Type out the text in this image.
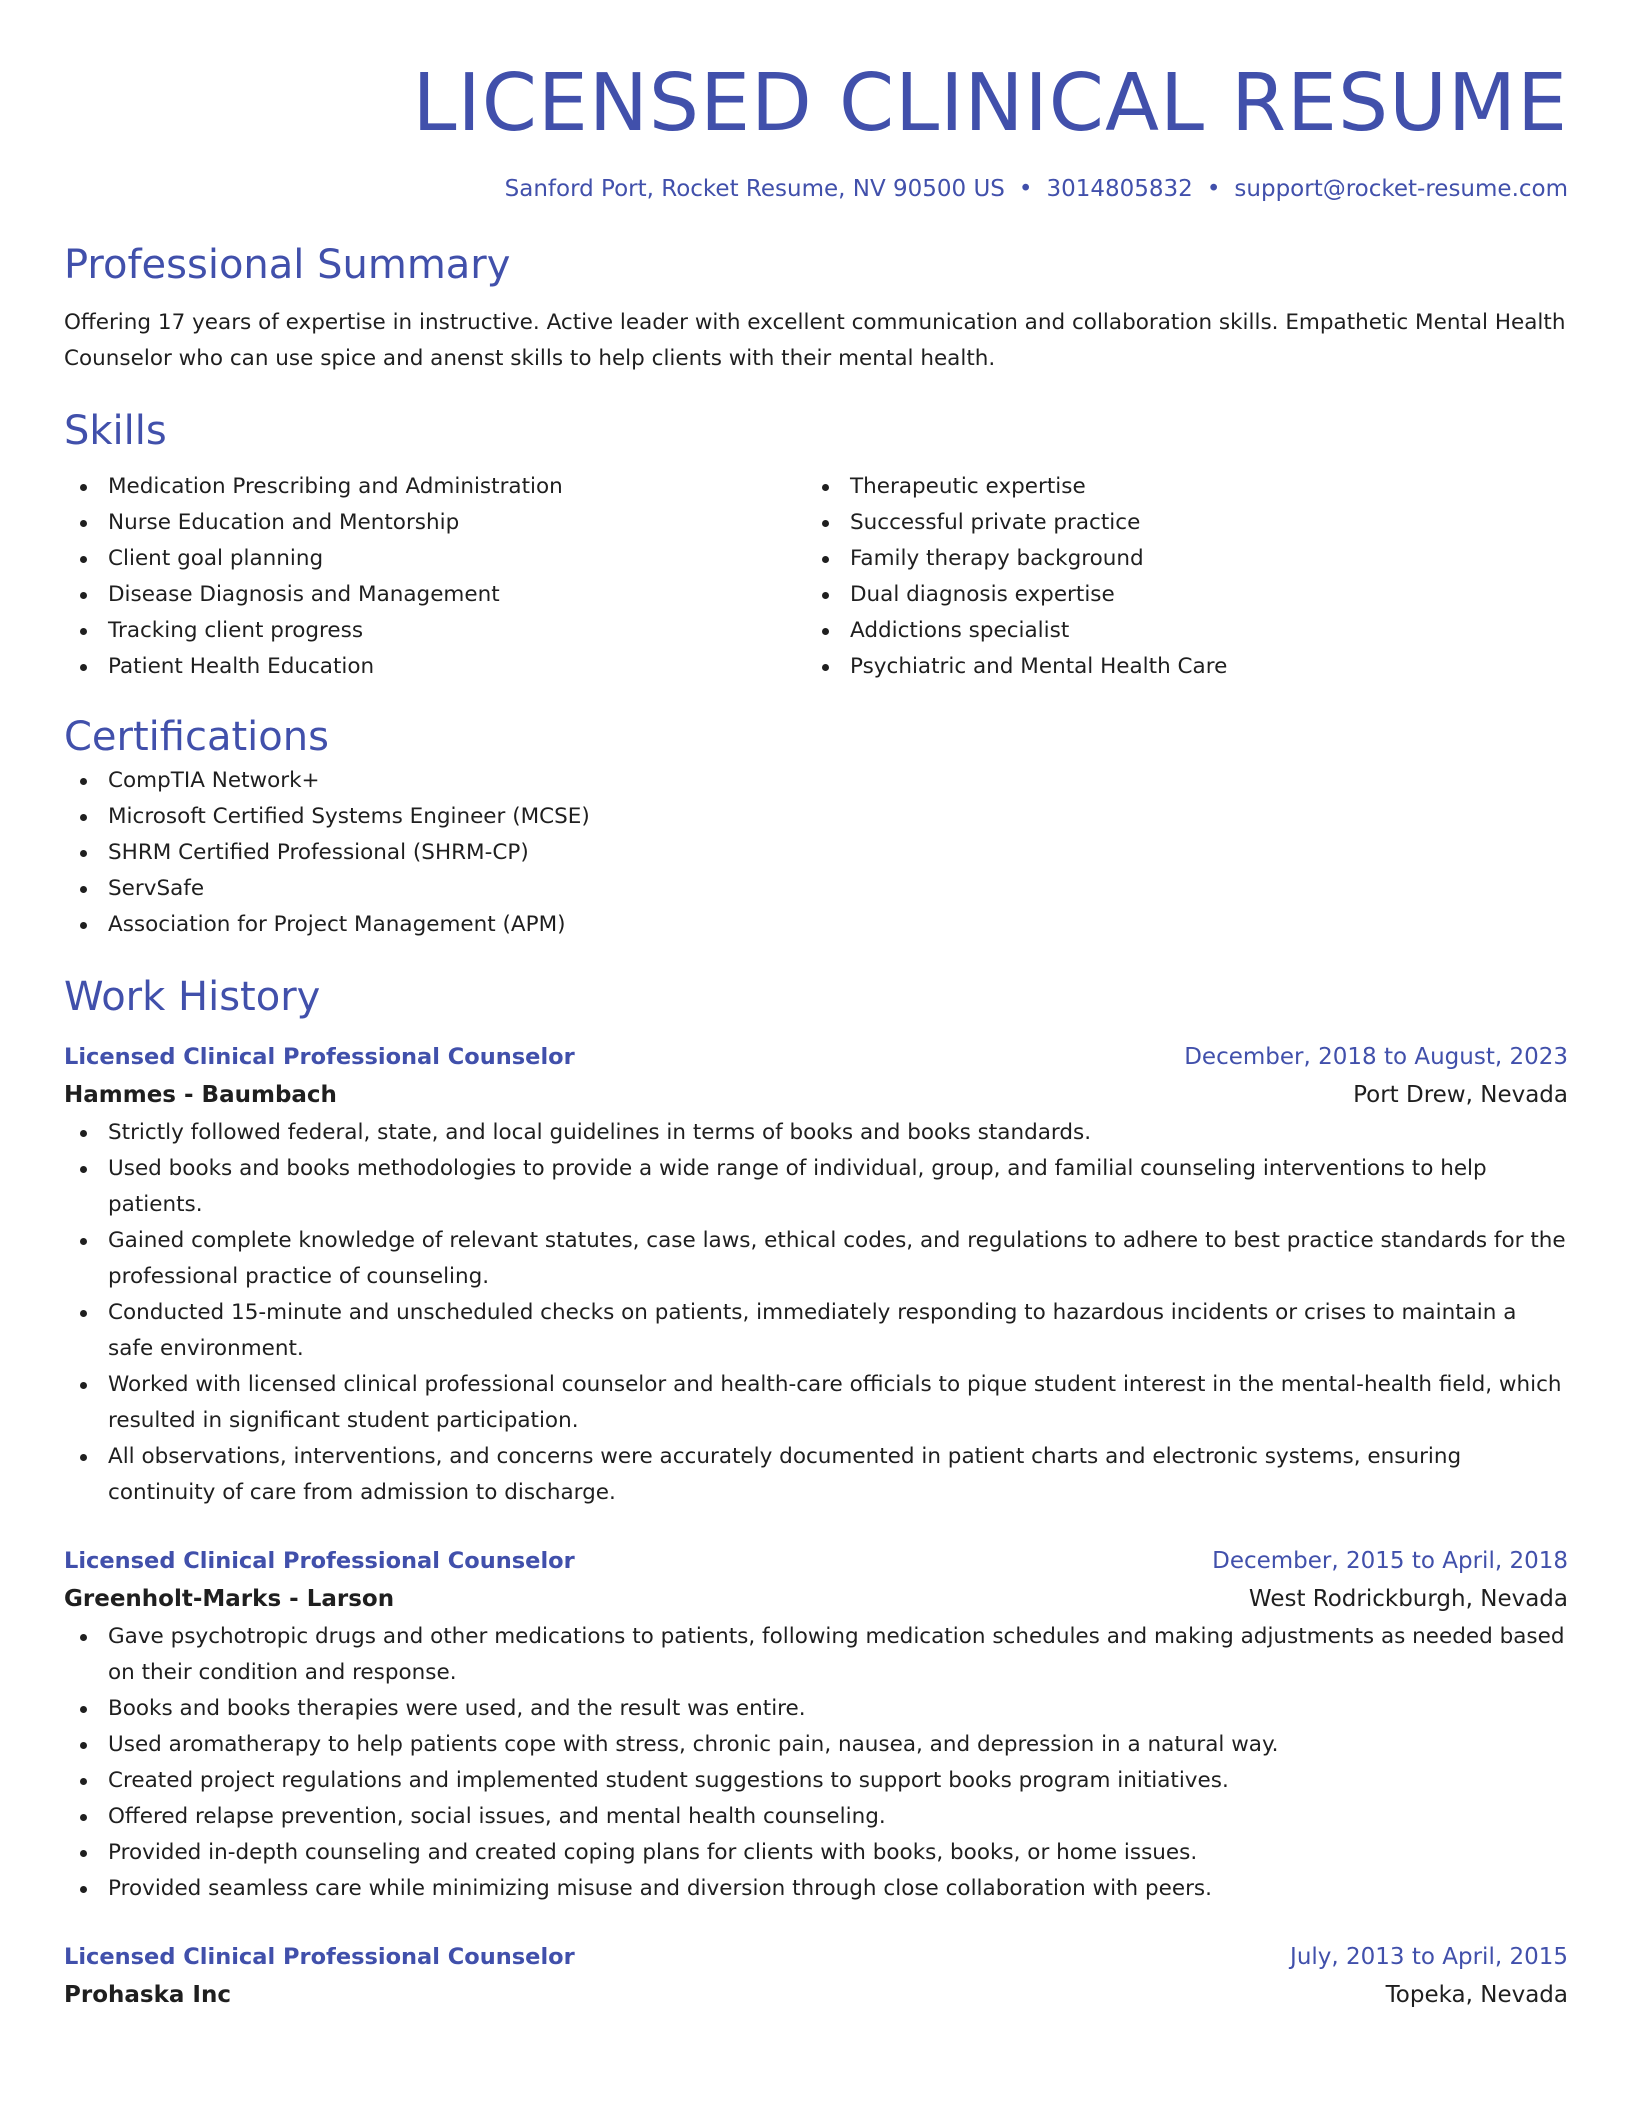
LICENSED CLINICAL RESUME
Sanford Port, Rocket Resume, NV 90500 US • 3014805832 • support@rocket-resume.com
Professional Summary
Offering 17 years of expertise in instructive. Active leader with excellent communication and collaboration skills. Empathetic Mental Health Counselor who can use spice and anenst skills to help clients with their mental health.
Skills
Medication Prescribing and Administration
Nurse Education and Mentorship
Client goal planning
Disease Diagnosis and Management
Tracking client progress
Patient Health Education
Therapeutic expertise
Successful private practice
Family therapy background
Dual diagnosis expertise
Addictions specialist
Psychiatric and Mental Health Care
Certifications
CompTIA Network+
Microsoft Certified Systems Engineer (MCSE)
SHRM Certified Professional (SHRM-CP)
ServSafe
Association for Project Management (APM)
Work History
Licensed Clinical Professional Counselor	December, 2018 to August, 2023
Hammes - Baumbach	Port Drew, Nevada
Strictly followed federal, state, and local guidelines in terms of books and books standards.
Used books and books methodologies to provide a wide range of individual, group, and familial counseling interventions to help patients.
Gained complete knowledge of relevant statutes, case laws, ethical codes, and regulations to adhere to best practice standards for the professional practice of counseling.
Conducted 15-minute and unscheduled checks on patients, immediately responding to hazardous incidents or crises to maintain a safe environment.
Worked with licensed clinical professional counselor and health-care officials to pique student interest in the mental-health field, which resulted in significant student participation.
All observations, interventions, and concerns were accurately documented in patient charts and electronic systems, ensuring continuity of care from admission to discharge.
Licensed Clinical Professional Counselor	December, 2015 to April, 2018
Greenholt-Marks - Larson	West Rodrickburgh, Nevada
Gave psychotropic drugs and other medications to patients, following medication schedules and making adjustments as needed based on their condition and response.
Books and books therapies were used, and the result was entire.
Used aromatherapy to help patients cope with stress, chronic pain, nausea, and depression in a natural way.
Created project regulations and implemented student suggestions to support books program initiatives.
Offered relapse prevention, social issues, and mental health counseling.
Provided in-depth counseling and created coping plans for clients with books, books, or home issues.
Provided seamless care while minimizing misuse and diversion through close collaboration with peers.
Licensed Clinical Professional Counselor	July, 2013 to April, 2015
Prohaska Inc	Topeka, Nevada
